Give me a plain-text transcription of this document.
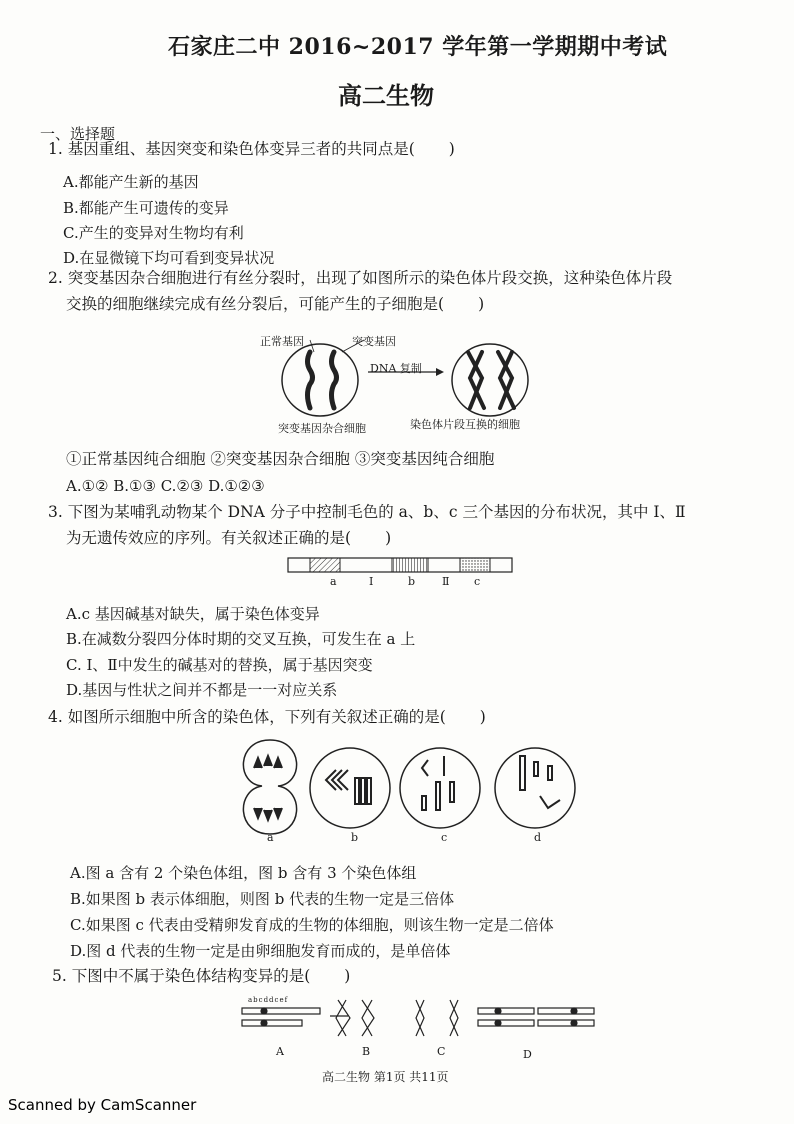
石家庄二中 2016~2017 学年第一学期期中考试
高二生物
一、选择题
1. 基因重组、基因突变和染色体变异三者的共同点是( )
A.都能产生新的基因
B.都能产生可遗传的变异
C.产生的变异对生物均有利
D.在显微镜下均可看到变异状况
2. 突变基因杂合细胞进行有丝分裂时，出现了如图所示的染色体片段交换，这种染色体片段
交换的细胞继续完成有丝分裂后，可能产生的子细胞是( )
正常基因	突变基因
DNA 复制
突变基因杂合细胞	染色体片段互换的细胞
①正常基因纯合细胞 ②突变基因杂合细胞 ③突变基因纯合细胞
A.①② B.①③ C.②③ D.①②③
3. 下图为某哺乳动物某个 DNA 分子中控制毛色的 a、b、c 三个基因的分布状况，其中 I、Ⅱ
为无遗传效应的序列。有关叙述正确的是( )
a	Ⅰ	b Ⅱ c
A.c 基因碱基对缺失，属于染色体变异
B.在减数分裂四分体时期的交叉互换，可发生在 a 上
C. Ⅰ、Ⅱ中发生的碱基对的替换，属于基因突变
D.基因与性状之间并不都是一一对应关系
4. 如图所示细胞中所含的染色体，下列有关叙述正确的是( )
a	b	c	d
A.图 a 含有 2 个染色体组，图 b 含有 3 个染色体组
B.如果图 b 表示体细胞，则图 b 代表的生物一定是三倍体
C.如果图 c 代表由受精卵发育成的生物的体细胞，则该生物一定是二倍体
D.图 d 代表的生物一定是由卵细胞发育而成的，是单倍体
5. 下图中不属于染色体结构变异的是( )
abcddcef
A	B	C	D
高二生物 第1页 共11页
Scanned by CamScanner
